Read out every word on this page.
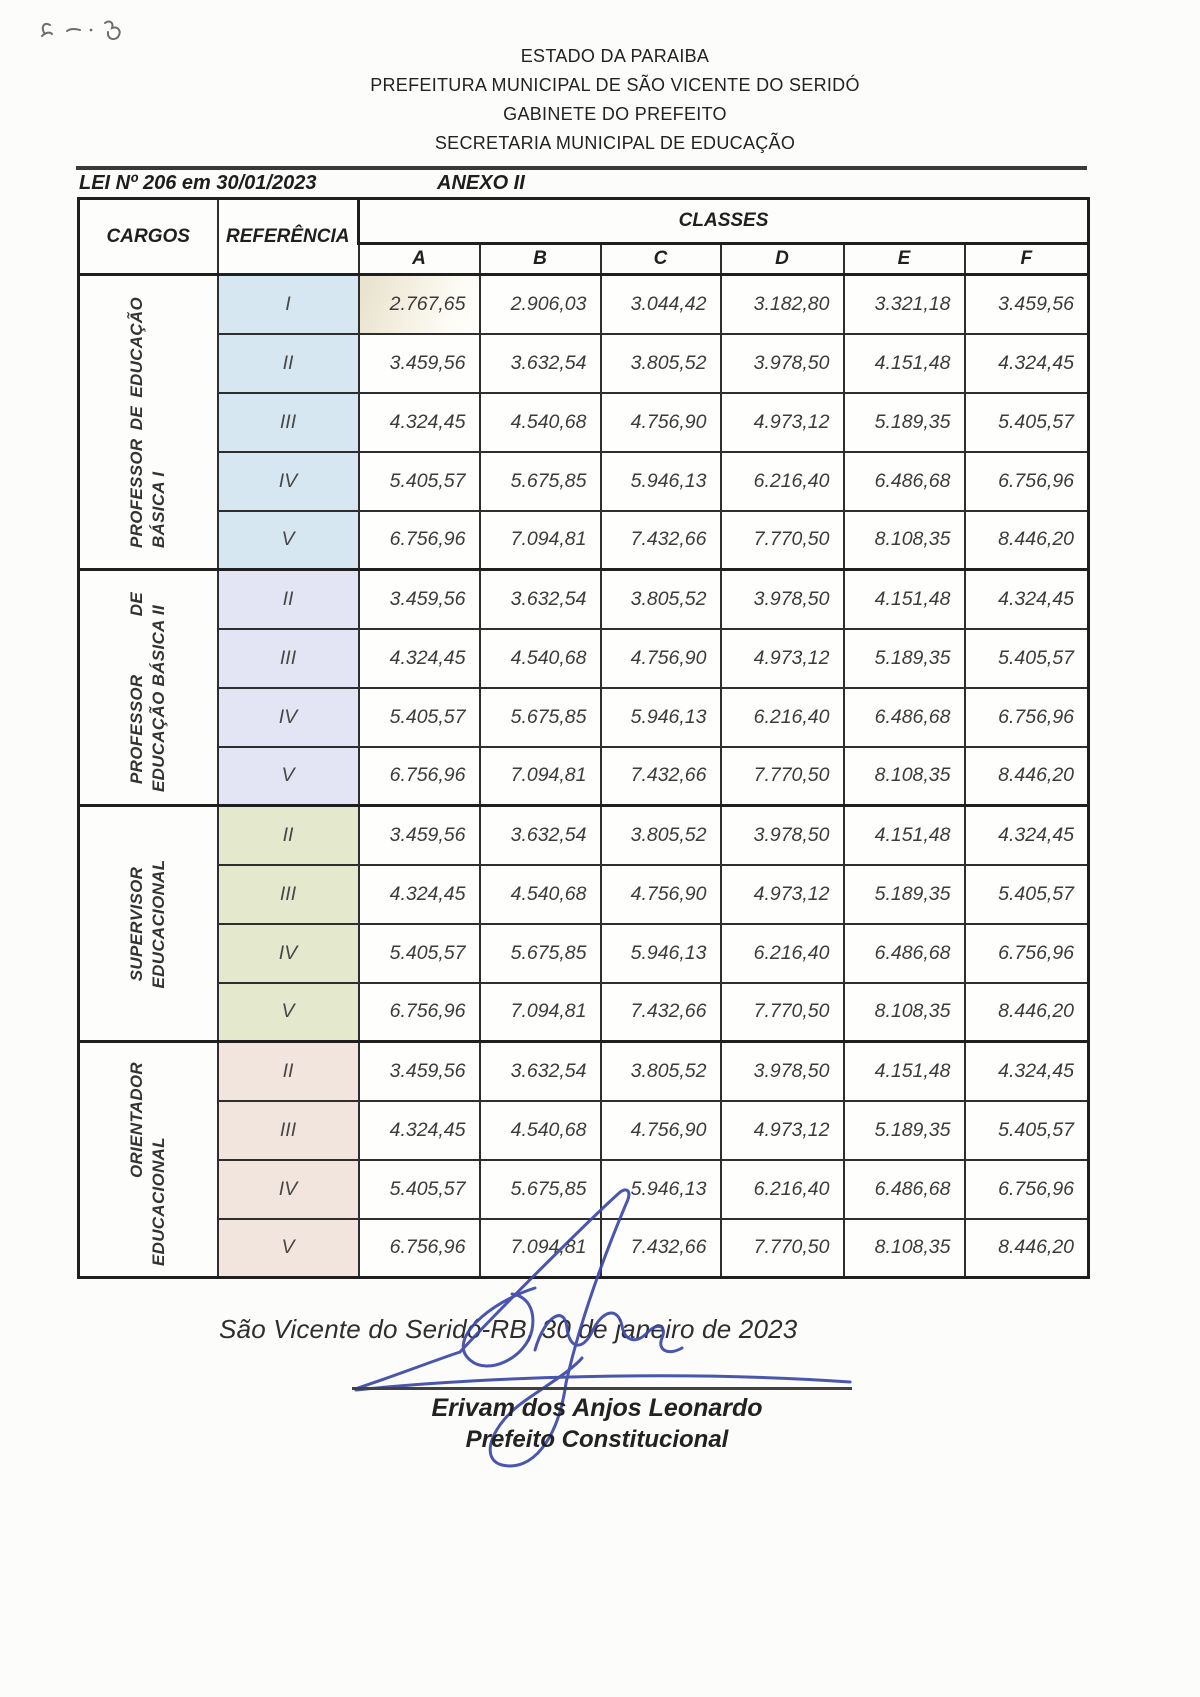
ESTADO DA PARAIBA
PREFEITURA MUNICIPAL DE SÃO VICENTE DO SERIDÓ
GABINETE DO PREFEITO
SECRETARIA MUNICIPAL DE EDUCAÇÃO
LEI Nº 206 em 30/01/2023	ANEXO II
CARGOS	REFERÊNCIA	CLASSES					
		A	B	C	D	E	F

PROFESSOR DE EDUCAÇÃO BÁSICA I	I	2.767,65	2.906,03	3.044,42	3.182,80	3.321,18	3.459,56
	II	3.459,56	3.632,54	3.805,52	3.978,50	4.151,48	4.324,45
	III	4.324,45	4.540,68	4.756,90	4.973,12	5.189,35	5.405,57
	IV	5.405,57	5.675,85	5.946,13	6.216,40	6.486,68	6.756,96
	V	6.756,96	7.094,81	7.432,66	7.770,50	8.108,35	8.446,20

PROFESSOR DE EDUCAÇÃO BÁSICA II	II	3.459,56	3.632,54	3.805,52	3.978,50	4.151,48	4.324,45
	III	4.324,45	4.540,68	4.756,90	4.973,12	5.189,35	5.405,57
	IV	5.405,57	5.675,85	5.946,13	6.216,40	6.486,68	6.756,96
	V	6.756,96	7.094,81	7.432,66	7.770,50	8.108,35	8.446,20

SUPERVISOR EDUCACIONAL	II	3.459,56	3.632,54	3.805,52	3.978,50	4.151,48	4.324,45
	III	4.324,45	4.540,68	4.756,90	4.973,12	5.189,35	5.405,57
	IV	5.405,57	5.675,85	5.946,13	6.216,40	6.486,68	6.756,96
	V	6.756,96	7.094,81	7.432,66	7.770,50	8.108,35	8.446,20

ORIENTADOR
EDUCACIONAL	II	3.459,56	3.632,54	3.805,52	3.978,50	4.151,48	4.324,45
	III	4.324,45	4.540,68	4.756,90	4.973,12	5.189,35	5.405,57
	IV	5.405,57	5.675,85	5.946,13	6.216,40	6.486,68	6.756,96
	V	6.756,96	7.094,81	7.432,66	7.770,50	8.108,35	8.446,20
São Vicente do Seridó-RB, 30 de janeiro de 2023
Erivam dos Anjos Leonardo
Prefeito Constitucional
